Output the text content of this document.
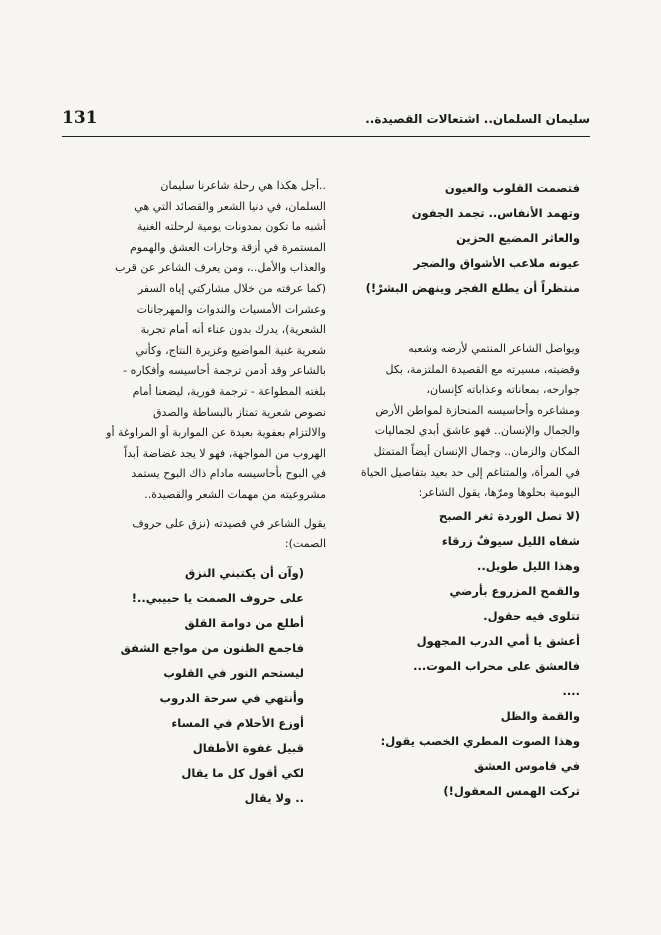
131	سليمان السلمان.. اشتعالات القصيدة..
فتصمت القلوب والعيون
وتهمد الأنفاس.. تجمد الجفون
والعاثر المضيع الحزين
عيونه ملاعب الأشواق والضجر
منتظراً أن يطلع الفجر وينهض البشرْ!)

ويواصل الشاعر المنتمي لأرضه وشعبه

وقضيته، مسيرته مع القصيدة الملتزمة، بكل

جوارحه، بمعاناته وعذاباته كإنسان،

ومشاعره وأحاسيسه المنحازة لمواطن الأرض

والجمال والإنسان.. فهو عاشق أبدي لجماليات

المكان والزمان.. وجمال الإنسان أيضاً المتمثل

في المرأة، والمتناغم إلى حد بعيد بتفاصيل الحياة

اليومية بحلوها ومرّها، يقول الشاعر:

(لا تصل الوردة ثغر الصبح
شفاه الليل سيوفٌ زرقاء
وهذا الليل طويل..
والقمح المزروع بأرضي
تتلوى فيه حقول.
أعشق يا أمي الدرب المجهول
فالعشق على محراب الموت...
....
والقمة والظل
وهذا الصوت المطري الخصب يقول:
في قاموس العشق
تركت الهمس المعقول!)

..أجل هكذا هي رحلة شاعرنا سليمان

السلمان، في دنيا الشعر والقصائد التي هي

أشبه ما تكون بمدونات يومية لرحلته الغنية

المستمرة في أزقة وحارات العشق والهموم

والعذاب والأمل..، ومن يعرف الشاعر عن قرب

(كما عرفته من خلال مشاركتي إياه السفر

وعشرات الأمسيات والندوات والمهرجانات

الشعرية)، يدرك بدون عناء أنه أمام تجربة

شعرية غنية المواضيع وغزيرة النتاج، وكأني

بالشاعر وقد أدمن ترجمة أحاسيسه وأفكاره -

بلغته المطواعة - ترجمة فورية، ليضعنا أمام

نصوص شعرية تمتاز بالبساطة والصدق

والالتزام بعفوية بعيدة عن المواربة أو المراوغة أو

الهروب من المواجهة، فهو لا يجد غضاضة أبداً

في البوح بأحاسيسه مادام ذاك البوح يستمد

مشروعيته من مهمات الشعر والقصيدة..

يقول الشاعر في قصيدته (نزق على حروف

الصمت):

(وآن أن يكتبني النزق
على حروف الصمت يا حبيبي..!
أطلع من دوامة القلق
فاجمع الظنون من مواجع الشفق
ليستحم النور في القلوب
وأنتهي في سرحة الدروب
أوزع الأحلام في المساء
قبيل غفوة الأطفال
لكي أقول كل ما يقال
.. ولا يقال
